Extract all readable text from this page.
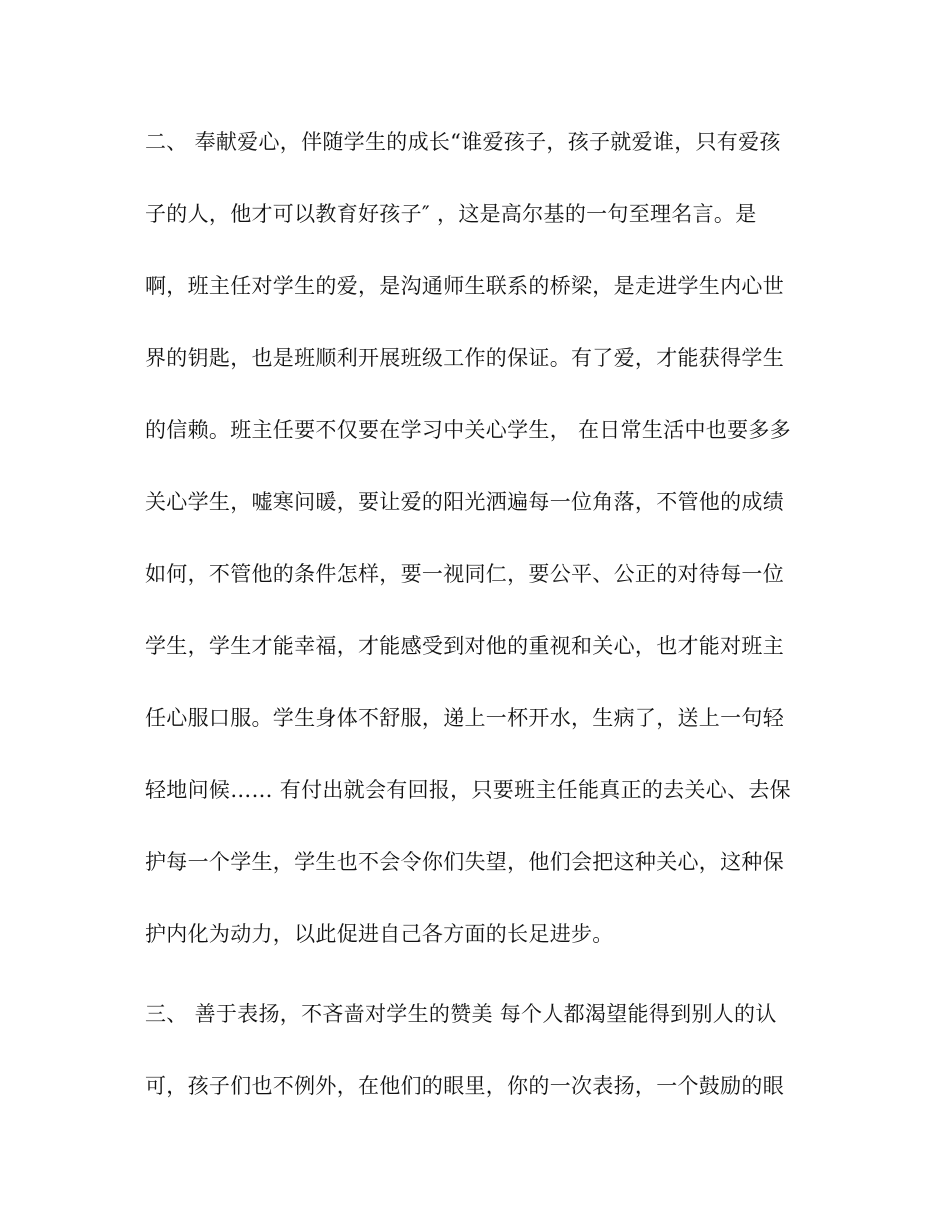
二、 奉献爱心，伴随学生的成长“谁爱孩子，孩子就爱谁，只有爱孩
子的人，他才可以教育好孩子″ ，这是高尔基的一句至理名言。是
啊，班主任对学生的爱，是沟通师生联系的桥梁，是走进学生内心世
界的钥匙，也是班顺利开展班级工作的保证。有了爱，才能获得学生
的信赖。班主任要不仅要在学习中关心学生， 在日常生活中也要多多
关心学生，嘘寒问暖，要让爱的阳光洒遍每一位角落，不管他的成绩
如何，不管他的条件怎样，要一视同仁，要公平、公正的对待每一位
学生，学生才能幸福，才能感受到对他的重视和关心，也才能对班主
任心服口服。学生身体不舒服，递上一杯开水，生病了，送上一句轻
轻地问候…… 有付出就会有回报，只要班主任能真正的去关心、去保
护每一个学生，学生也不会令你们失望，他们会把这种关心，这种保
护内化为动力，以此促进自己各方面的长足进步。
三、 善于表扬，不吝啬对学生的赞美 每个人都渴望能得到别人的认
可，孩子们也不例外，在他们的眼里，你的一次表扬，一个鼓励的眼
